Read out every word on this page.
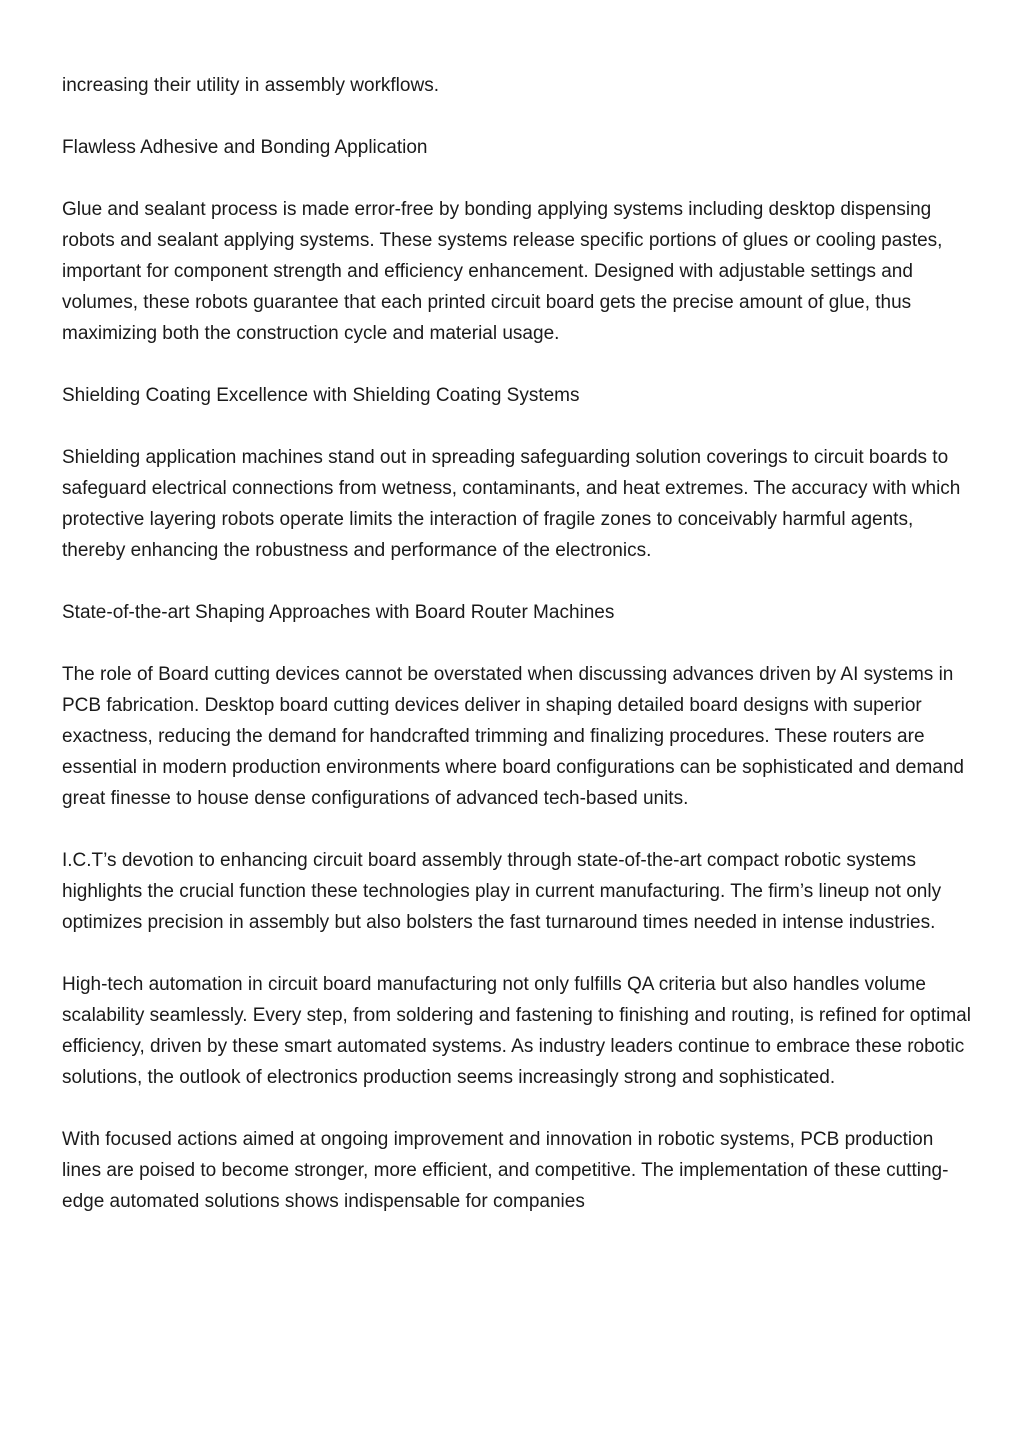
increasing their utility in assembly workflows.

Flawless Adhesive and Bonding Application

Glue and sealant process is made error-free by bonding applying systems including desktop dispensing robots and sealant applying systems. These systems release specific portions of glues or cooling pastes, important for component strength and efficiency enhancement. Designed with adjustable settings and volumes, these robots guarantee that each printed circuit board gets the precise amount of glue, thus maximizing both the construction cycle and material usage.

Shielding Coating Excellence with Shielding Coating Systems

Shielding application machines stand out in spreading safeguarding solution coverings to circuit boards to safeguard electrical connections from wetness, contaminants, and heat extremes. The accuracy with which protective layering robots operate limits the interaction of fragile zones to conceivably harmful agents, thereby enhancing the robustness and performance of the electronics.

State-of-the-art Shaping Approaches with Board Router Machines

The role of Board cutting devices cannot be overstated when discussing advances driven by AI systems in PCB fabrication. Desktop board cutting devices deliver in shaping detailed board designs with superior exactness, reducing the demand for handcrafted trimming and finalizing procedures. These routers are essential in modern production environments where board configurations can be sophisticated and demand great finesse to house dense configurations of advanced tech-based units.

I.C.T’s devotion to enhancing circuit board assembly through state-of-the-art compact robotic systems highlights the crucial function these technologies play in current manufacturing. The firm’s lineup not only optimizes precision in assembly but also bolsters the fast turnaround times needed in intense industries.

High-tech automation in circuit board manufacturing not only fulfills QA criteria but also handles volume scalability seamlessly. Every step, from soldering and fastening to finishing and routing, is refined for optimal efficiency, driven by these smart automated systems. As industry leaders continue to embrace these robotic solutions, the outlook of electronics production seems increasingly strong and sophisticated.

With focused actions aimed at ongoing improvement and innovation in robotic systems, PCB production lines are poised to become stronger, more efficient, and competitive. The implementation of these cutting-edge automated solutions shows indispensable for companies
